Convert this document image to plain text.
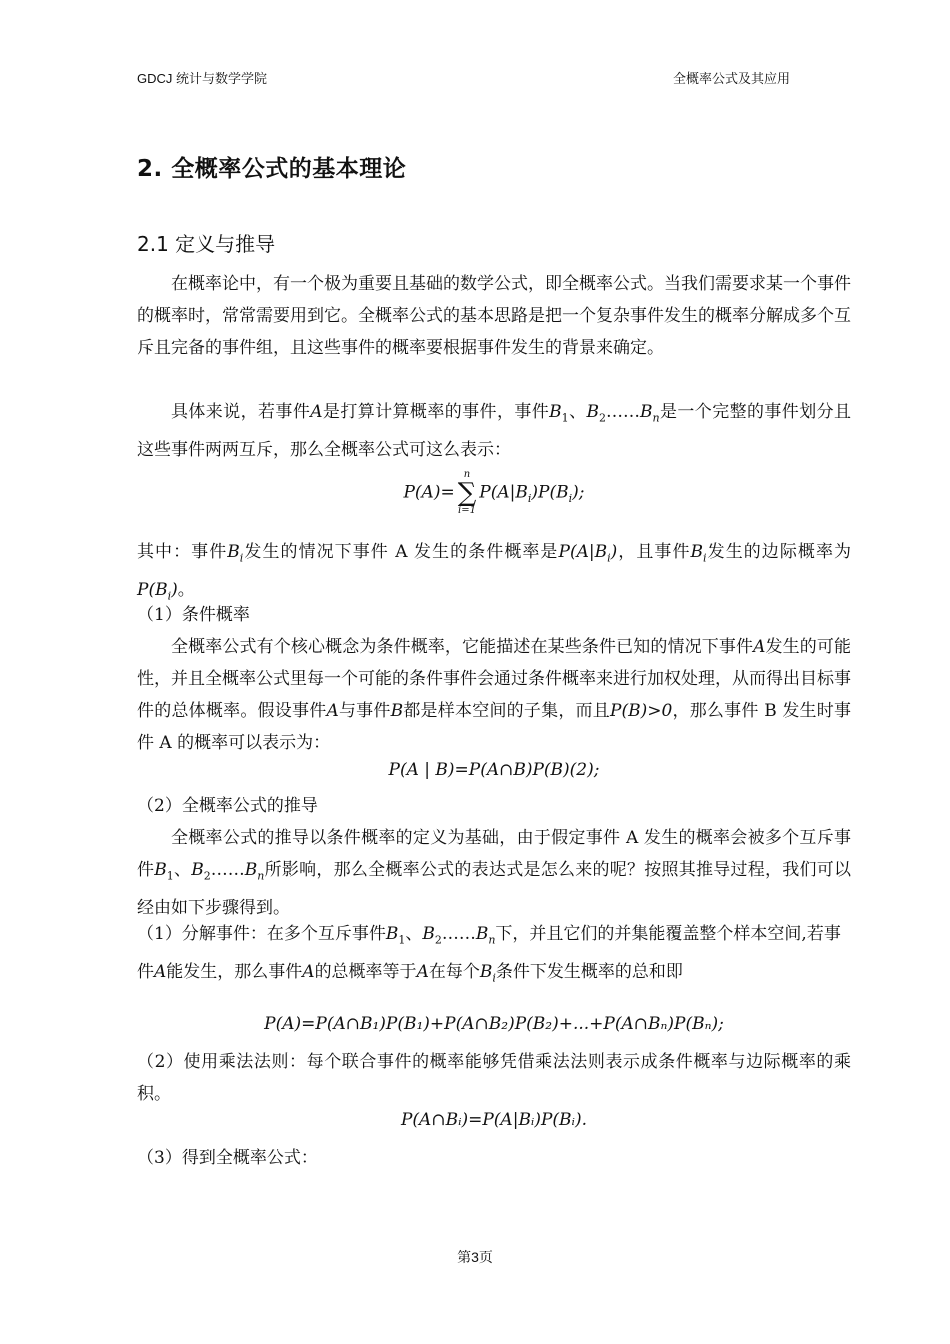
GDCJ 统计与数学学院	全概率公式及其应用
2. 全概率公式的基本理论
2.1 定义与推导
在概率论中，有一个极为重要且基础的数学公式，即全概率公式。当我们需要求某一个事件的概率时，常常需要用到它。全概率公式的基本思路是把一个复杂事件发生的概率分解成多个互斥且完备的事件组，且这些事件的概率要根据事件发生的背景来确定。
具体来说，若事件A是打算计算概率的事件，事件$B_1$、$B_2\dots\dots B_n$是一个完整的事件划分且这些事件两两互斥，那么全概率公式可这么表示：
P(A)=
n
∑
i=1
$P(A|B_i)P(B_i)$;
其中：事件$B_i$发生的情况下事件 A 发生的条件概率是$P(A|B_i)$，且事件$B_i$发生的边际概率为$P(B_i)$。
（1）条件概率
全概率公式有个核心概念为条件概率，它能描述在某些条件已知的情况下事件A发生的可能性，并且全概率公式里每一个可能的条件事件会通过条件概率来进行加权处理，从而得出目标事件的总体概率。假设事件A与事件B都是样本空间的子集，而且P(B)>0，那么事件 B 发生时事件 A 的概率可以表示为：
P(A | B)=P(A∩B)P(B)(2);
（2）全概率公式的推导
全概率公式的推导以条件概率的定义为基础，由于假定事件 A 发生的概率会被多个互斥事件$B_1$、$B_2\dots\dots B_n$所影响，那么全概率公式的表达式是怎么来的呢？按照其推导过程，我们可以经由如下步骤得到。
（1）分解事件：在多个互斥事件$B_1$、$B_2\dots\dots B_n$下，并且它们的并集能覆盖整个样本空间,若事件A能发生，那么事件A的总概率等于A在每个$B_i$条件下发生概率的总和即
P(A)=P(A∩B₁)P(B₁)+P(A∩B₂)P(B₂)+...+P(A∩Bₙ)P(Bₙ);
（2）使用乘法法则：每个联合事件的概率能够凭借乘法法则表示成条件概率与边际概率的乘积。
P(A∩Bᵢ)=P(A|Bᵢ)P(Bᵢ).
（3）得到全概率公式：
第3页
